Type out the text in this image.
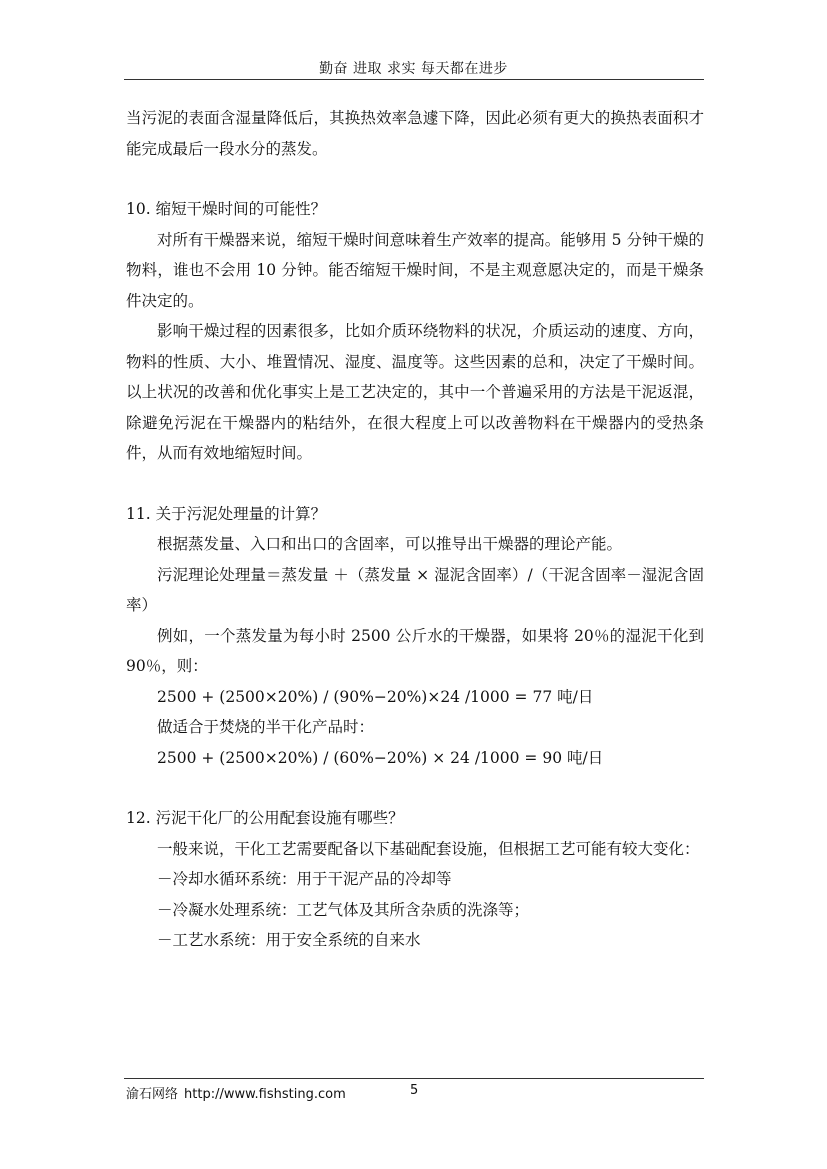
勤奋 进取 求实 每天都在进步

当污泥的表面含湿量降低后，其换热效率急遽下降，因此必须有更大的换热表面积才能完成最后一段水分的蒸发。

10. 缩短干燥时间的可能性？

对所有干燥器来说，缩短干燥时间意味着生产效率的提高。能够用 5 分钟干燥的物料，谁也不会用 10 分钟。能否缩短干燥时间，不是主观意愿决定的，而是干燥条件决定的。

影响干燥过程的因素很多，比如介质环绕物料的状况，介质运动的速度、方向，物料的性质、大小、堆置情况、湿度、温度等。这些因素的总和，决定了干燥时间。以上状况的改善和优化事实上是工艺决定的，其中一个普遍采用的方法是干泥返混，除避免污泥在干燥器内的粘结外，在很大程度上可以改善物料在干燥器内的受热条件，从而有效地缩短时间。

11. 关于污泥处理量的计算？

根据蒸发量、入口和出口的含固率，可以推导出干燥器的理论产能。

污泥理论处理量＝蒸发量 ＋（蒸发量 × 湿泥含固率）/（干泥含固率－湿泥含固率）

例如，一个蒸发量为每小时 2500 公斤水的干燥器，如果将 20％的湿泥干化到 90％，则：

2500 + (2500×20%) / (90%−20%)×24 /1000 = 77 吨/日

做适合于焚烧的半干化产品时：

2500 + (2500×20%) / (60%−20%) × 24 /1000 = 90 吨/日

12. 污泥干化厂的公用配套设施有哪些？

一般来说，干化工艺需要配备以下基础配套设施，但根据工艺可能有较大变化：

－冷却水循环系统：用于干泥产品的冷却等

－冷凝水处理系统：工艺气体及其所含杂质的洗涤等；

－工艺水系统：用于安全系统的自来水

渝石网络 http://www.fishsting.com	5
